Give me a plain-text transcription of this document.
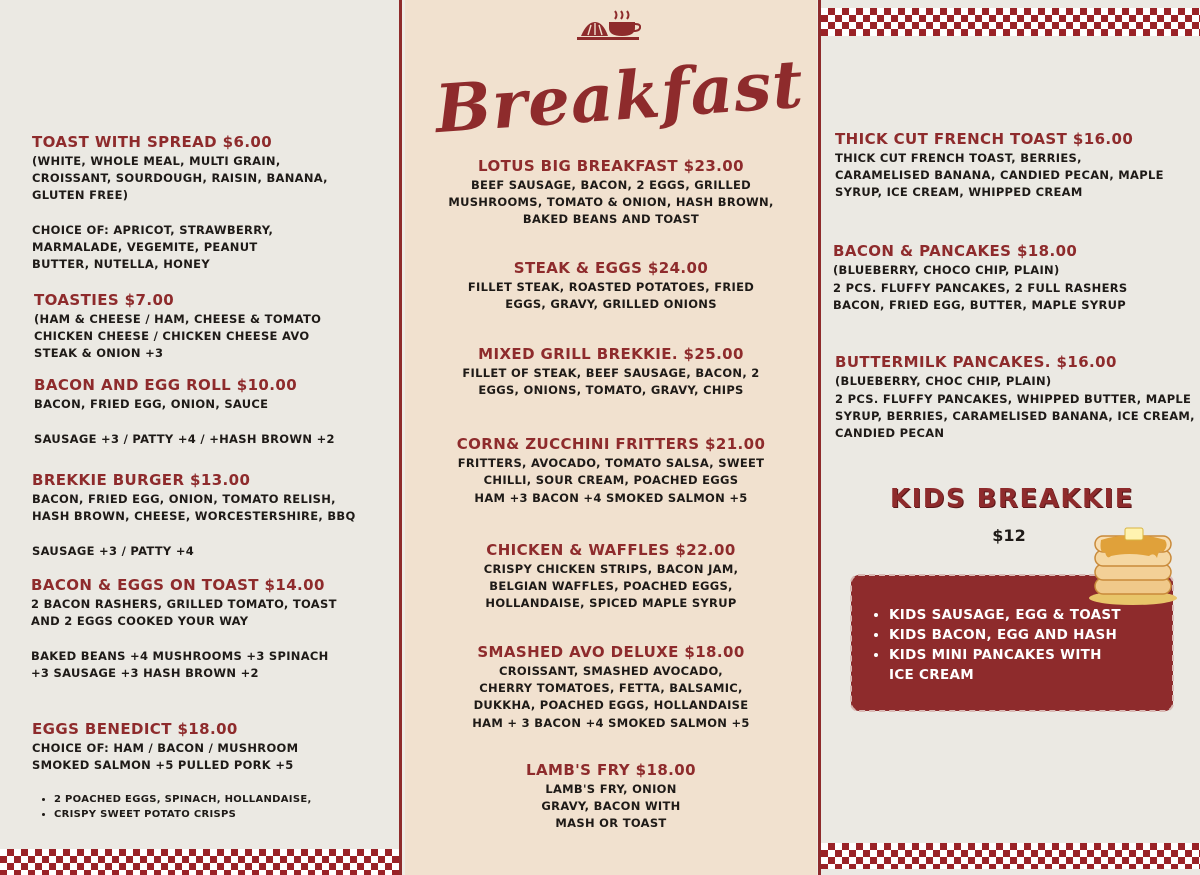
TOAST WITH SPREAD $6.00
(WHITE, WHOLE MEAL, MULTI GRAIN, CROISSANT, SOURDOUGH, RAISIN, BANANA, GLUTEN FREE)
CHOICE OF: APRICOT, STRAWBERRY, MARMALADE, VEGEMITE, PEANUT BUTTER, NUTELLA, HONEY
TOASTIES $7.00
(HAM & CHEESE / HAM, CHEESE & TOMATO CHICKEN CHEESE / CHICKEN CHEESE AVO STEAK & ONION +3
BACON AND EGG ROLL $10.00
BACON, FRIED EGG, ONION, SAUCE
SAUSAGE +3 / PATTY +4 / +HASH BROWN +2
BREKKIE BURGER $13.00
BACON, FRIED EGG, ONION, TOMATO RELISH, HASH BROWN, CHEESE, WORCESTERSHIRE, BBQ
SAUSAGE +3 / PATTY +4
BACON & EGGS ON TOAST $14.00
2 BACON RASHERS, GRILLED TOMATO, TOAST AND 2 EGGS COOKED YOUR WAY
BAKED BEANS +4 MUSHROOMS +3 SPINACH +3 SAUSAGE +3 HASH BROWN +2
EGGS BENEDICT $18.00
CHOICE OF: HAM / BACON / MUSHROOM SMOKED SALMON +5 PULLED PORK +5
• 2 POACHED EGGS, SPINACH, HOLLANDAISE,
• CRISPY SWEET POTATO CRISPS
Breakfast
LOTUS BIG BREAKFAST $23.00
BEEF SAUSAGE, BACON, 2 EGGS, GRILLED MUSHROOMS, TOMATO & ONION, HASH BROWN, BAKED BEANS AND TOAST
STEAK & EGGS $24.00
FILLET STEAK, ROASTED POTATOES, FRIED EGGS, GRAVY, GRILLED ONIONS
MIXED GRILL BREKKIE. $25.00
FILLET OF STEAK, BEEF SAUSAGE, BACON, 2 EGGS, ONIONS, TOMATO, GRAVY, CHIPS
CORN& ZUCCHINI FRITTERS $21.00
FRITTERS, AVOCADO, TOMATO SALSA, SWEET CHILLI, SOUR CREAM, POACHED EGGS
HAM +3 BACON +4 SMOKED SALMON +5
CHICKEN & WAFFLES $22.00
CRISPY CHICKEN STRIPS, BACON JAM, BELGIAN WAFFLES, POACHED EGGS, HOLLANDAISE, SPICED MAPLE SYRUP
SMASHED AVO DELUXE $18.00
CROISSANT, SMASHED AVOCADO, CHERRY TOMATOES, FETTA, BALSAMIC, DUKKHA, POACHED EGGS, HOLLANDAISE
HAM + 3 BACON +4 SMOKED SALMON +5
LAMB'S FRY $18.00
LAMB'S FRY, ONION GRAVY, BACON WITH MASH OR TOAST
THICK CUT FRENCH TOAST $16.00
THICK CUT FRENCH TOAST, BERRIES, CARAMELISED BANANA, CANDIED PECAN, MAPLE SYRUP, ICE CREAM, WHIPPED CREAM
BACON & PANCAKES $18.00
(BLUEBERRY, CHOCO CHIP, PLAIN)
2 PCS. FLUFFY PANCAKES, 2 FULL RASHERS BACON, FRIED EGG, BUTTER, MAPLE SYRUP
BUTTERMILK PANCAKES. $16.00
(BLUEBERRY, CHOC CHIP, PLAIN)
2 PCS. FLUFFY PANCAKES, WHIPPED BUTTER, MAPLE SYRUP, BERRIES, CARAMELISED BANANA, ICE CREAM, CANDIED PECAN
KIDS BREAKKIE
$12
• KIDS SAUSAGE, EGG & TOAST
• KIDS BACON, EGG AND HASH
• KIDS MINI PANCAKES WITH ICE CREAM
